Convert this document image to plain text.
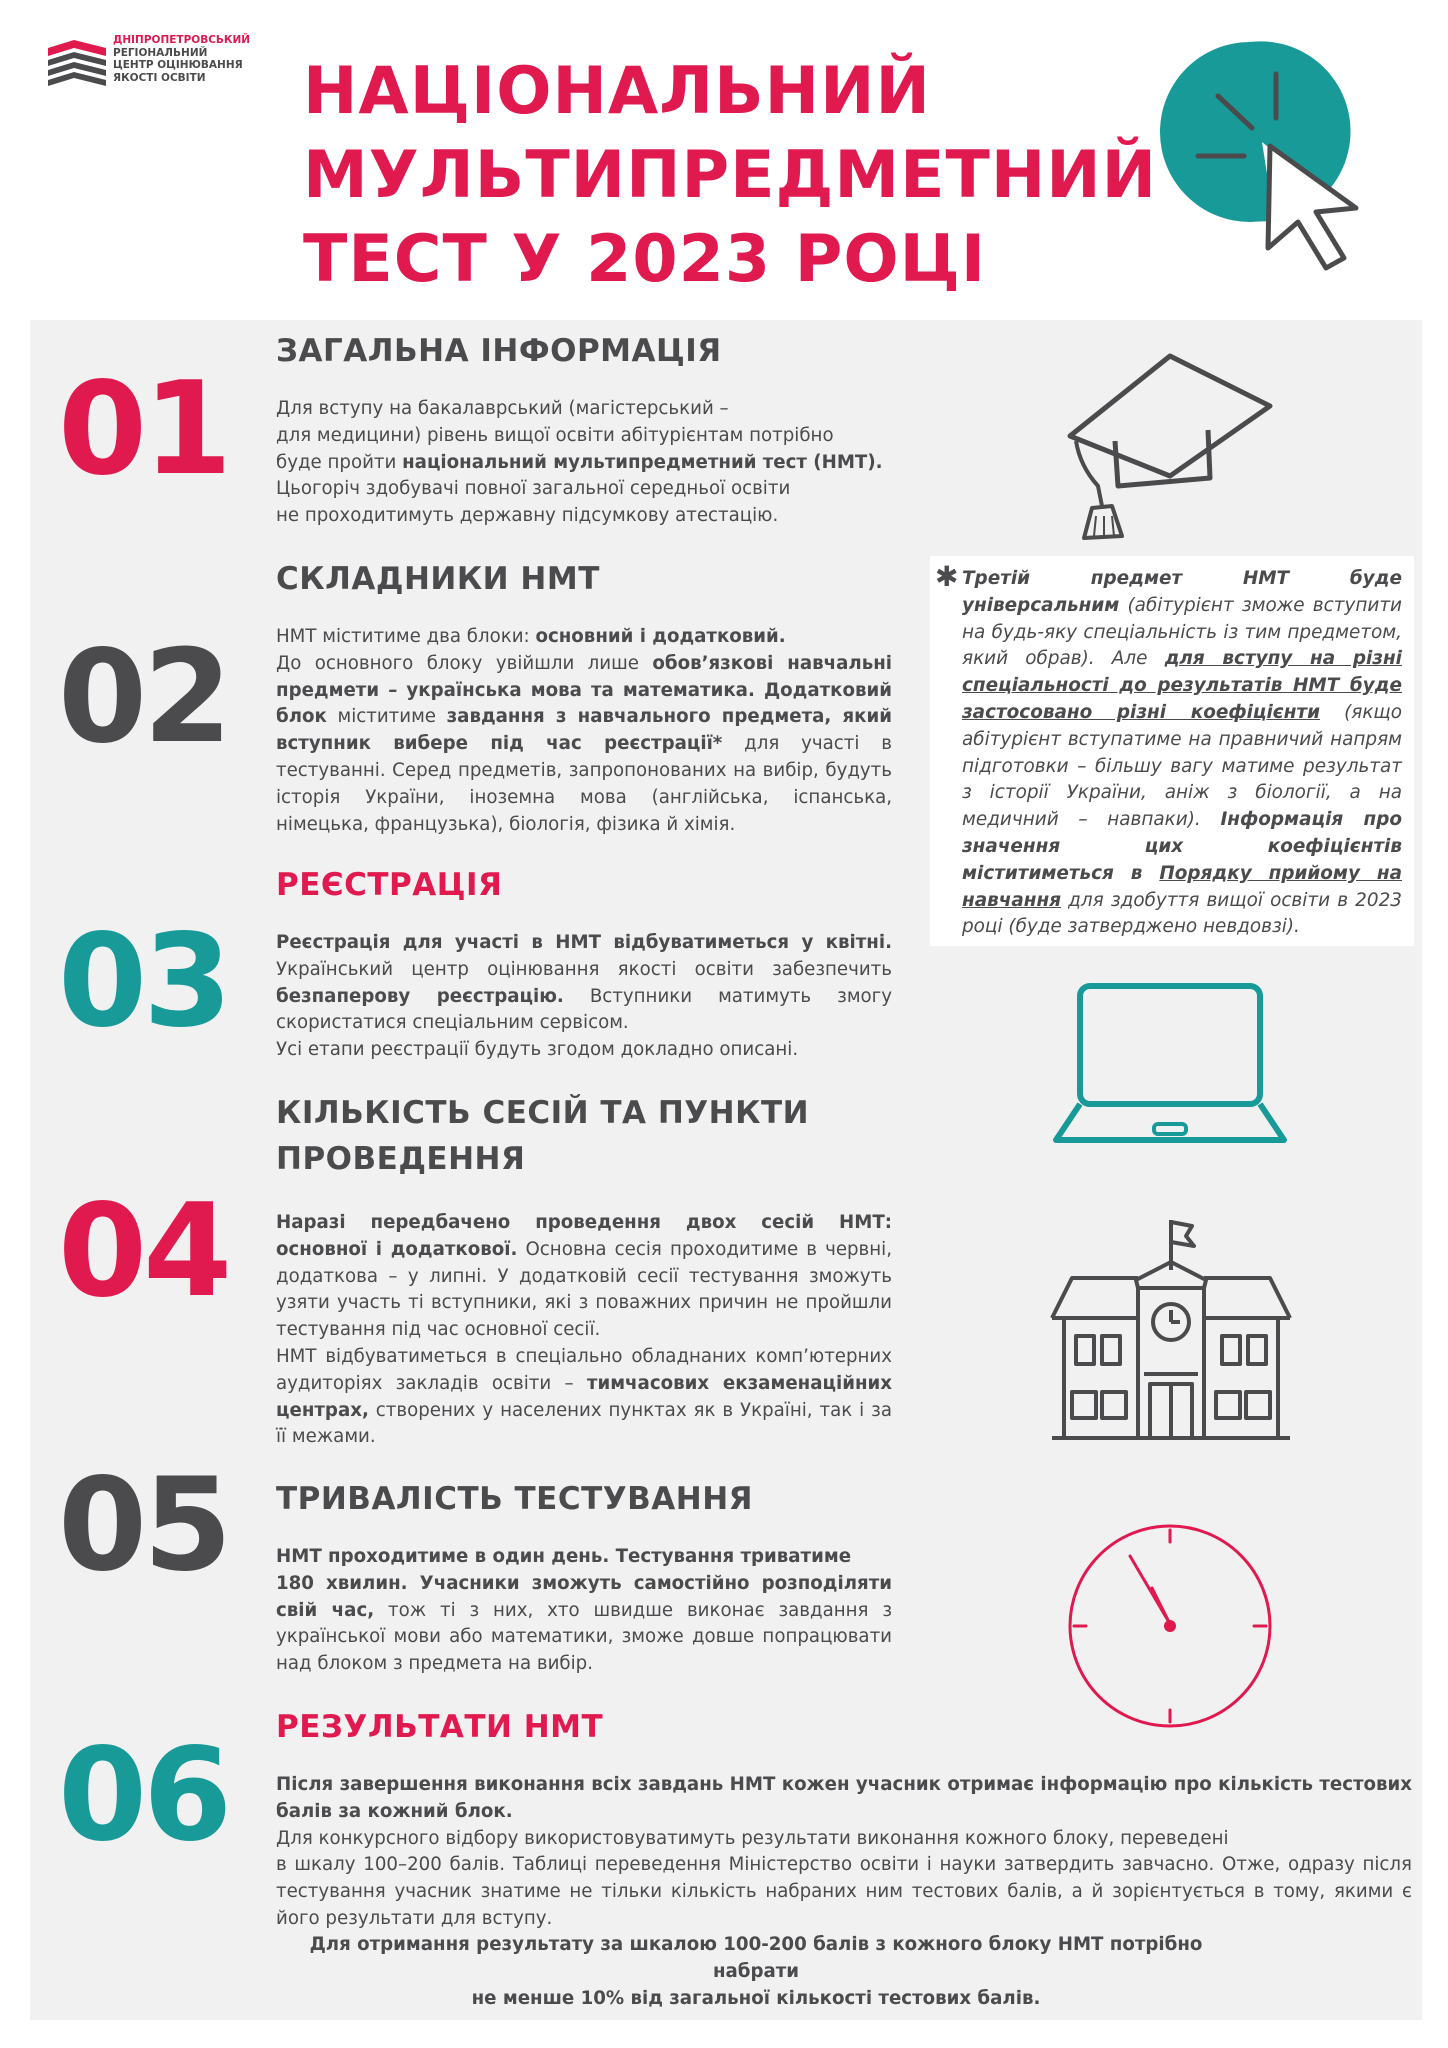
ДНІПРОПЕТРОВСЬКИЙ
РЕГІОНАЛЬНИЙ
ЦЕНТР ОЦІНЮВАННЯ
ЯКОСТІ ОСВІТИ	НАЦІОНАЛЬНИЙ
МУЛЬТИПРЕДМЕТНИЙ
ТЕСТ У 2023 РОЦІ
✱ Третій предмет НМТ буде універсальним (абітурієнт зможе вступити на будь-яку спеціальність із тим предметом, який обрав). Але для вступу на різні спеціальності до результатів НМТ буде застосовано різні коефіцієнти (якщо абітурієнт вступатиме на правничий напрям підготовки – більшу вагу матиме результат з історії України, аніж з біології, а на медичний – навпаки). Інформація про значення цих коефіцієнтів міститиметься в Порядку прийому на навчання для здобуття вищої освіти в 2023 році (буде затверджено невдовзі).
01
ЗАГАЛЬНА ІНФОРМАЦІЯ
Для вступу на бакалаврський (магістерський –
для медицини) рівень вищої освіти абітурієнтам потрібно
буде пройти національний мультипредметний тест (НМТ).
Цьогоріч здобувачі повної загальної середньої освіти
не проходитимуть державну підсумкову атестацію.
СКЛАДНИКИ НМТ
02	НМТ міститиме два блоки: основний і додатковий.
До основного блоку увійшли лише обов’язкові навчальні предмети – українська мова та математика. Додатковий блок міститиме завдання з навчального предмета, який вступник вибере під час реєстрації* для участі в тестуванні. Серед предметів, запропонованих на вибір, будуть історія України, іноземна мова (англійська, іспанська, німецька, французька), біологія, фізика й хімія.
РЕЄСТРАЦІЯ
03	Реєстрація для участі в НМТ відбуватиметься у квітні. Український центр оцінювання якості освіти забезпечить безпаперову реєстрацію. Вступники матимуть змогу скористатися спеціальним сервісом.
Усі етапи реєстрації будуть згодом докладно описані.
КІЛЬКІСТЬ СЕСІЙ ТА ПУНКТИ
ПРОВЕДЕННЯ
04	Наразі передбачено проведення двох сесій НМТ: основної і додаткової. Основна сесія проходитиме в червні, додаткова – у липні. У додатковій сесії тестування зможуть узяти участь ті вступники, які з поважних причин не пройшли тестування під час основної сесії.
НМТ відбуватиметься в спеціально обладнаних комп’ютерних аудиторіях закладів освіти – тимчасових екзаменаційних центрах, створених у населених пунктах як в Україні, так і за її межами.
05 ТРИВАЛІСТЬ ТЕСТУВАННЯ
НМТ проходитиме в один день. Тестування триватиме
180 хвилин. Учасники зможуть самостійно розподіляти свій час, тож ті з них, хто швидше виконає завдання з української мови або математики, зможе довше попрацювати над блоком з предмета на вибір.
РЕЗУЛЬТАТИ НМТ
06	Після завершення виконання всіх завдань НМТ кожен учасник отримає інформацію про кількість тестових балів за кожний блок.
Для конкурсного відбору використовуватимуть результати виконання кожного блоку, переведені
в шкалу 100–200 балів. Таблиці переведення Міністерство освіти і науки затвердить завчасно. Отже, одразу після тестування учасник знатиме не тільки кількість набраних ним тестових балів, а й зорієнтується в тому, якими є його результати для вступу.
Для отримання результату за шкалою 100-200 балів з кожного блоку НМТ потрібно набрати
не менше 10% від загальної кількості тестових балів.
